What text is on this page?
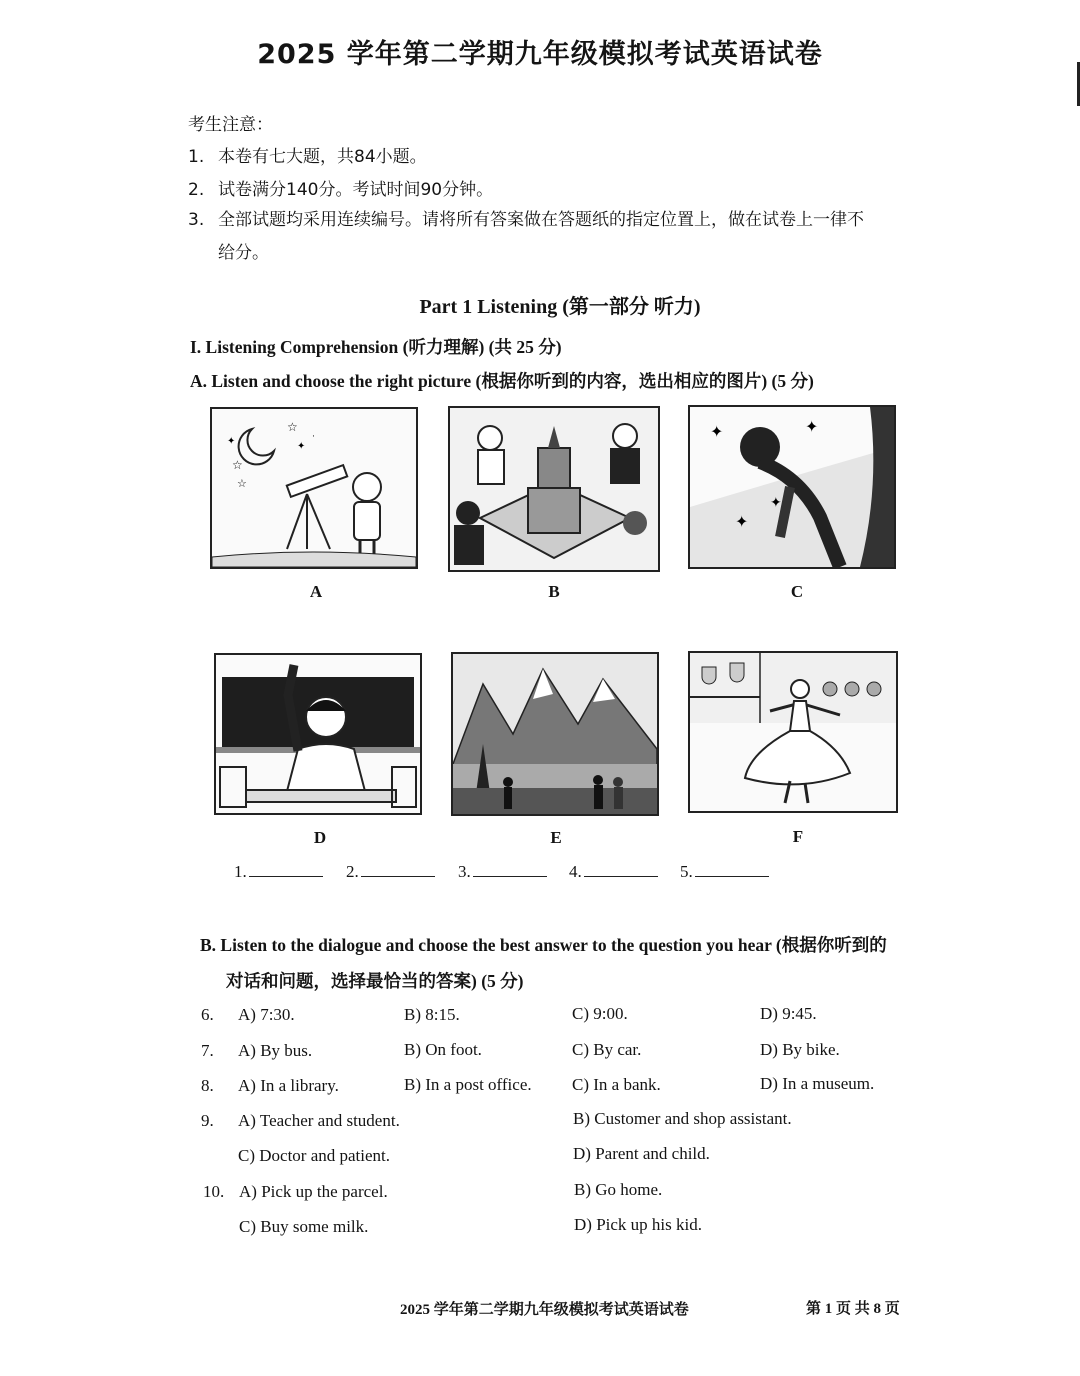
2025 学年第二学期九年级模拟考试英语试卷
考生注意：
1. 本卷有七大题，共84小题。
2. 试卷满分140分。考试时间90分钟。
3. 全部试题均采用连续编号。请将所有答案做在答题纸的指定位置上，做在试卷上一律不
给分。
Part 1 Listening (第一部分 听力)
I. Listening Comprehension (听力理解) (共 25 分)
A. Listen and choose the right picture (根据你听到的内容，选出相应的图片) (5 分)
☆
☆
✦
✦
☆
·	✦	✦
✦
✦
A	B	C
D	E	F
1.	2.	3.	4.	5.
B. Listen to the dialogue and choose the best answer to the question you hear (根据你听到的
对话和问题，选择最恰当的答案) (5 分)
6. A) 7:30.	B) 8:15.	C) 9:00.	D) 9:45.
7. A) By bus.	B) On foot.	C) By car.	D) By bike.
8. A) In a library.	B) In a post office. C) In a bank.	D) In a museum.
9. A) Teacher and student.	B) Customer and shop assistant.
C) Doctor and patient.	D) Parent and child.
10. A) Pick up the parcel.	B) Go home.
C) Buy some milk.	D) Pick up his kid.
2025 学年第二学期九年级模拟考试英语试卷	第 1 页 共 8 页
